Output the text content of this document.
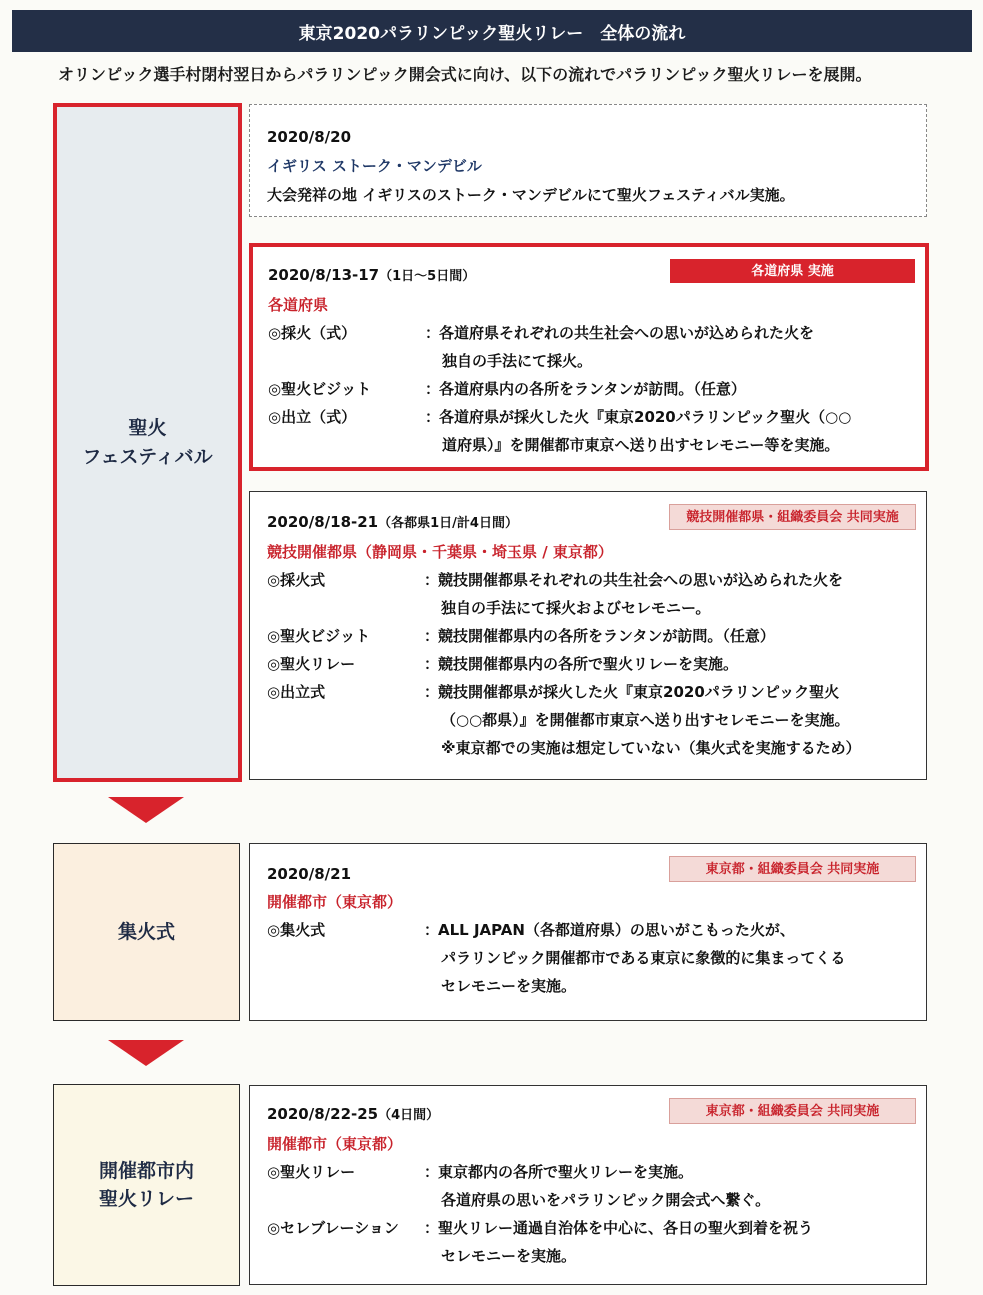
東京2020パラリンピック聖火リレー　全体の流れ
オリンピック選手村閉村翌日からパラリンピック開会式に向け、以下の流れでパラリンピック聖火リレーを展開。
聖火
フェスティバル
集火式
開催都市内
聖火リレー
2020/8/20
イギリス ストーク・マンデビル
大会発祥の地 イギリスのストーク・マンデビルにて聖火フェスティバル実施。
各道府県 実施
2020/8/13-17（1日～5日間）
各道府県
◎採火（式）	：
各道府県それぞれの共生社会への思いが込められた火を
独自の手法にて採火。
◎聖火ビジット	：
各道府県内の各所をランタンが訪問。（任意）
◎出立（式）	：
各道府県が採火した火『東京2020パラリンピック聖火（○○
道府県）』を開催都市東京へ送り出すセレモニー等を実施。
競技開催都県・組織委員会 共同実施
2020/8/18-21（各都県1日/計4日間）
競技開催都県（静岡県・千葉県・埼玉県 / 東京都）
◎採火式	：
競技開催都県それぞれの共生社会への思いが込められた火を
独自の手法にて採火およびセレモニー。
◎聖火ビジット	：
競技開催都県内の各所をランタンが訪問。（任意）
◎聖火リレー	：
競技開催都県内の各所で聖火リレーを実施。
◎出立式	：
競技開催都県が採火した火『東京2020パラリンピック聖火
（○○都県）』を開催都市東京へ送り出すセレモニーを実施。
※東京都での実施は想定していない（集火式を実施するため）
東京都・組織委員会 共同実施
2020/8/21
開催都市（東京都）
◎集火式	：
ALL JAPAN（各都道府県）の思いがこもった火が、
パラリンピック開催都市である東京に象徴的に集まってくる
セレモニーを実施。
東京都・組織委員会 共同実施
2020/8/22-25（4日間）
開催都市（東京都）
◎聖火リレー	：
東京都内の各所で聖火リレーを実施。
各道府県の思いをパラリンピック開会式へ繋ぐ。
◎セレブレーション	：
聖火リレー通過自治体を中心に、各日の聖火到着を祝う
セレモニーを実施。
